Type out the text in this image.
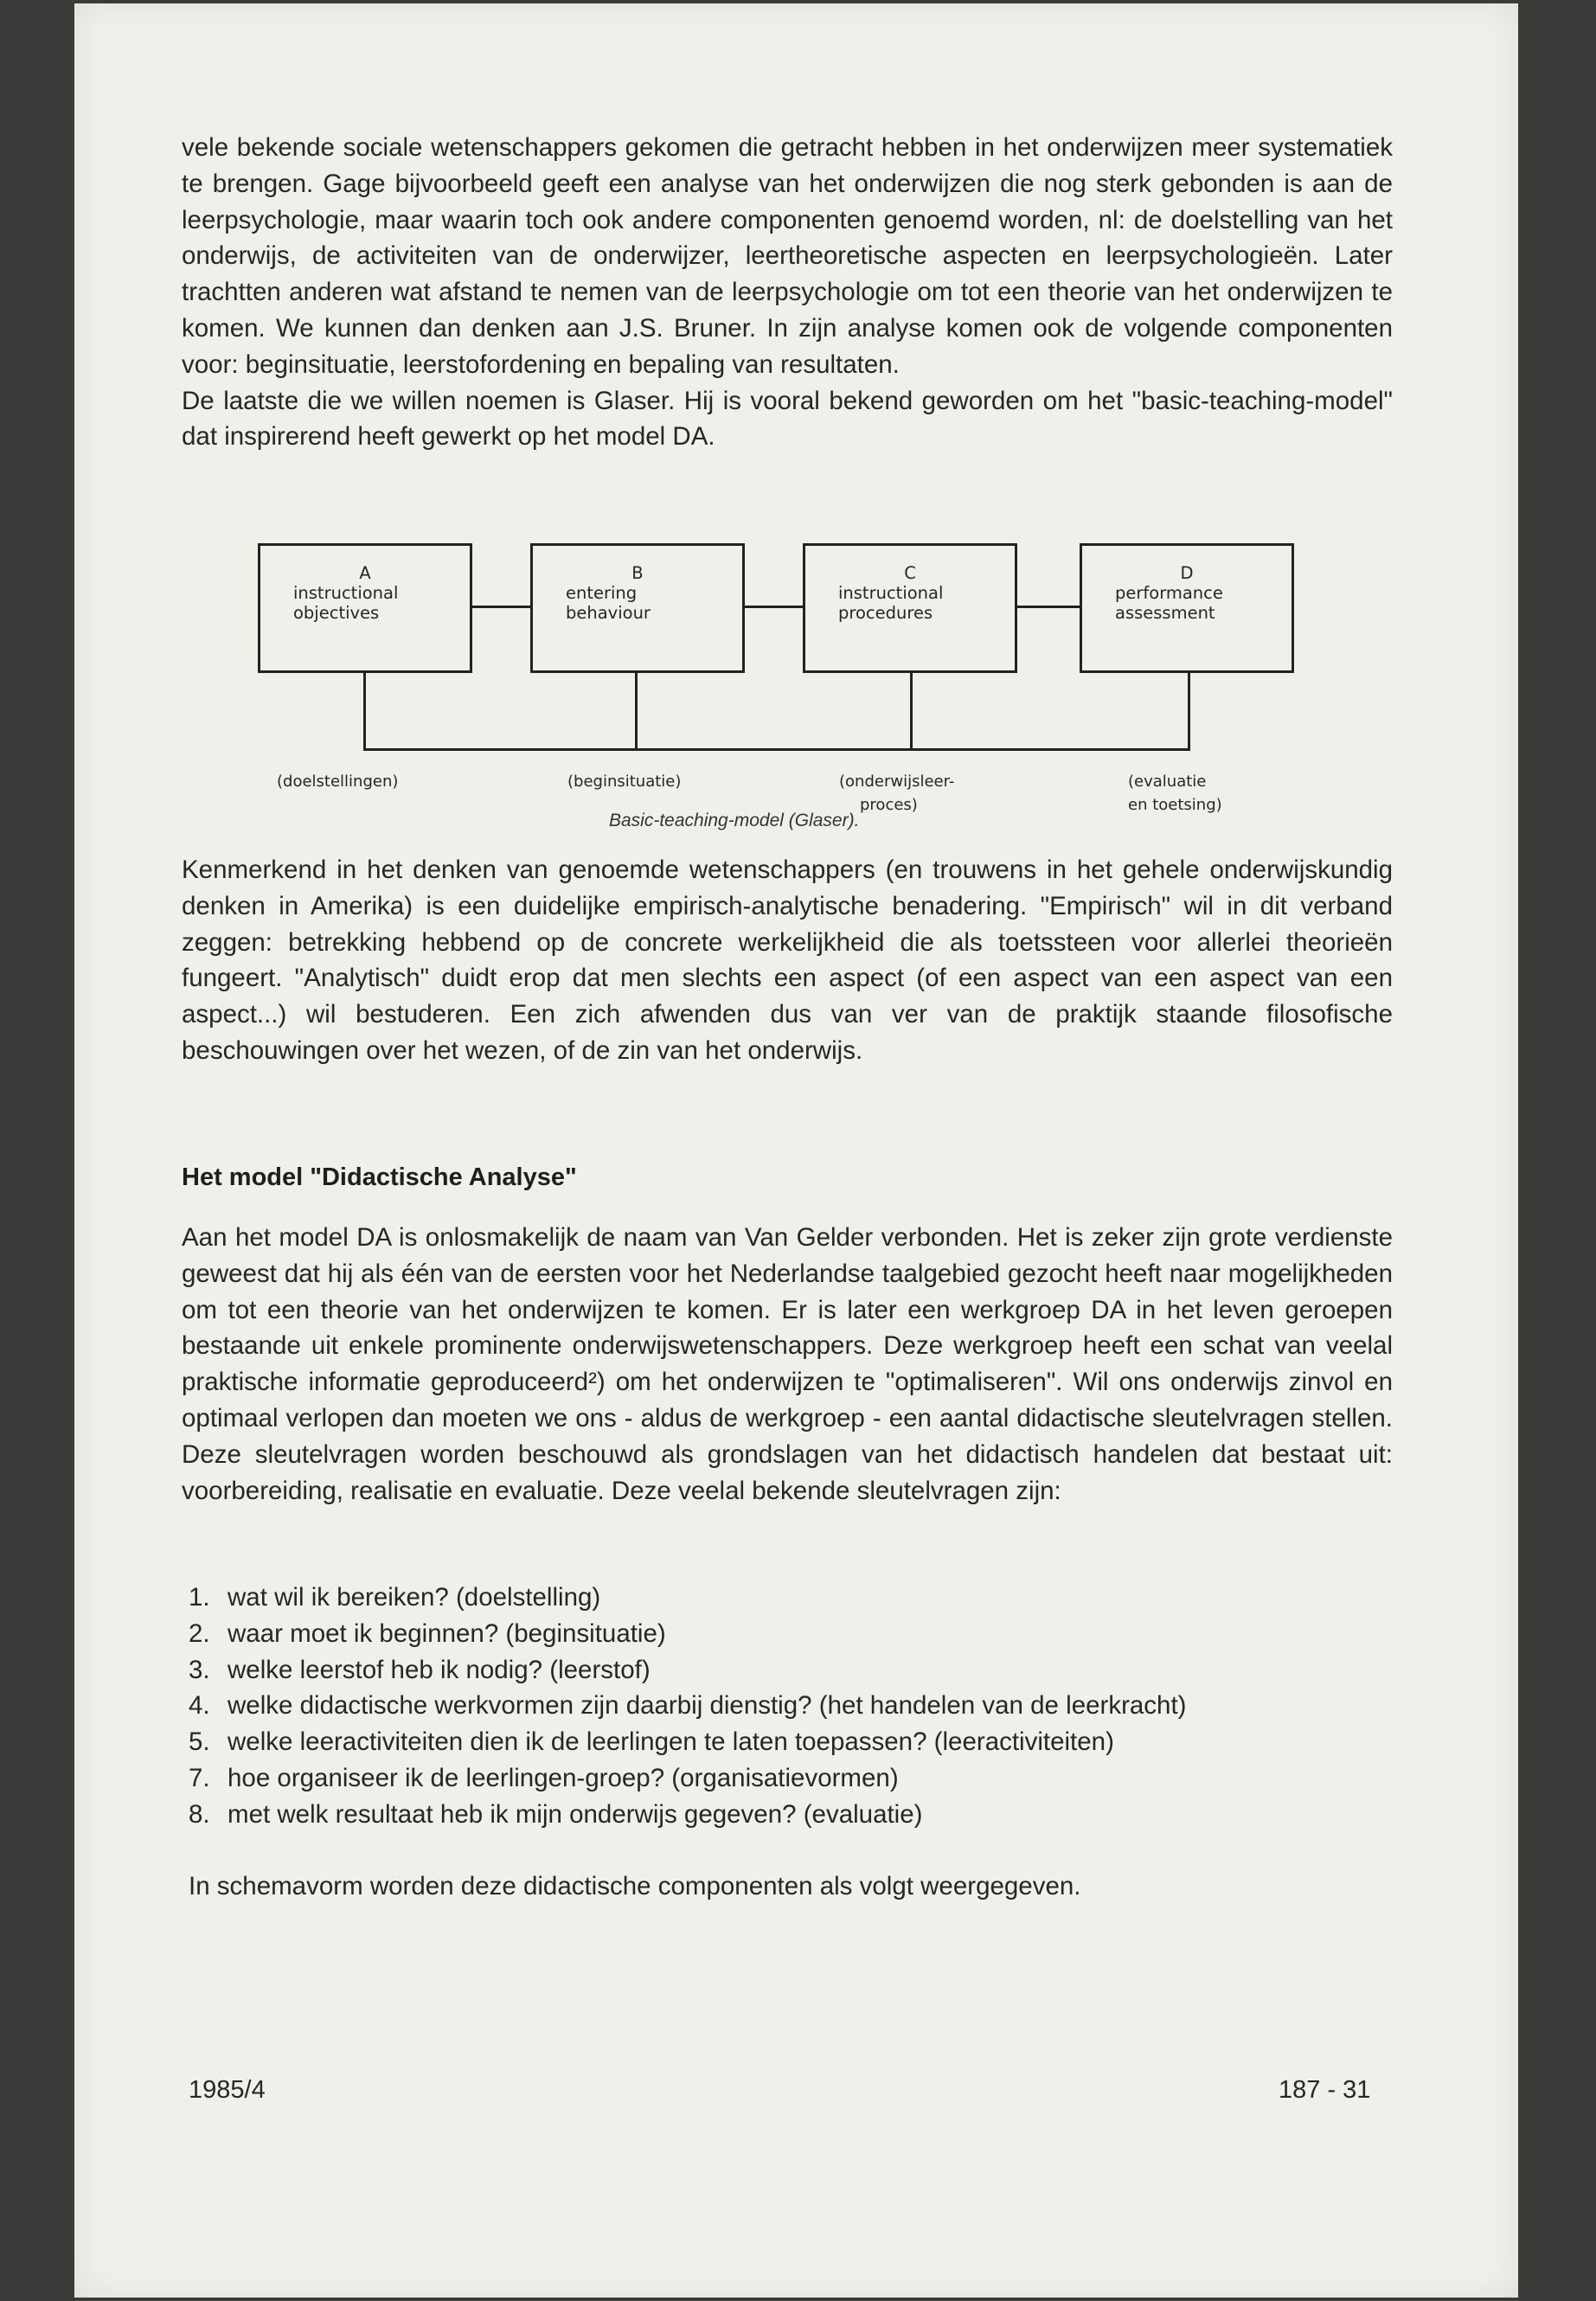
vele bekende sociale wetenschappers gekomen die getracht hebben in het onderwijzen meer systematiek te brengen. Gage bijvoorbeeld geeft een analyse van het onderwijzen die nog sterk gebonden is aan de leerpsychologie, maar waarin toch ook andere componenten genoemd worden, nl: de doelstelling van het onderwijs, de activiteiten van de onderwijzer, leertheoretische aspecten en leerpsychologieën. Later trachtten anderen wat afstand te nemen van de leerpsychologie om tot een theorie van het onderwijzen te komen. We kunnen dan denken aan J.S. Bruner. In zijn analyse komen ook de volgende componenten voor: beginsituatie, leerstofordening en bepaling van resultaten.

De laatste die we willen noemen is Glaser. Hij is vooral bekend geworden om het "basic-teaching-model" dat inspirerend heeft gewerkt op het model DA.

A
instructional
objectives
B
entering
behaviour
C
instructional
procedures
D
performance
assessment
(doelstellingen)	(beginsituatie)	(onderwijsleer-
proces)
(evaluatie
en toetsing)
Basic-teaching-model (Glaser).

Kenmerkend in het denken van genoemde wetenschappers (en trouwens in het gehele onderwijskundig denken in Amerika) is een duidelijke empirisch-analytische benadering. "Empirisch" wil in dit verband zeggen: betrekking hebbend op de concrete werkelijkheid die als toetssteen voor allerlei theorieën fungeert. "Analytisch" duidt erop dat men slechts een aspect (of een aspect van een aspect van een aspect...) wil bestuderen. Een zich afwenden dus van ver van de praktijk staande filosofische beschouwingen over het wezen, of de zin van het onderwijs.

Het model "Didactische Analyse"

Aan het model DA is onlosmakelijk de naam van Van Gelder verbonden. Het is zeker zijn grote verdienste geweest dat hij als één van de eersten voor het Nederlandse taalgebied gezocht heeft naar mogelijkheden om tot een theorie van het onderwijzen te komen. Er is later een werkgroep DA in het leven geroepen bestaande uit enkele prominente onderwijswetenschappers. Deze werkgroep heeft een schat van veelal praktische informatie geproduceerd²) om het onderwijzen te "optimaliseren". Wil ons onderwijs zinvol en optimaal verlopen dan moeten we ons - aldus de werkgroep - een aantal didactische sleutelvragen stellen. Deze sleutelvragen worden beschouwd als grondslagen van het didactisch handelen dat bestaat uit: voorbereiding, realisatie en evaluatie. Deze veelal bekende sleutelvragen zijn:

1. wat wil ik bereiken? (doelstelling)
2. waar moet ik beginnen? (beginsituatie)
3. welke leerstof heb ik nodig? (leerstof)
4. welke didactische werkvormen zijn daarbij dienstig? (het handelen van de leerkracht)
5. welke leeractiviteiten dien ik de leerlingen te laten toepassen? (leeractiviteiten)
7. hoe organiseer ik de leerlingen-groep? (organisatievormen)
8. met welk resultaat heb ik mijn onderwijs gegeven? (evaluatie)
In schemavorm worden deze didactische componenten als volgt weergegeven.
1985/4	187 - 31
